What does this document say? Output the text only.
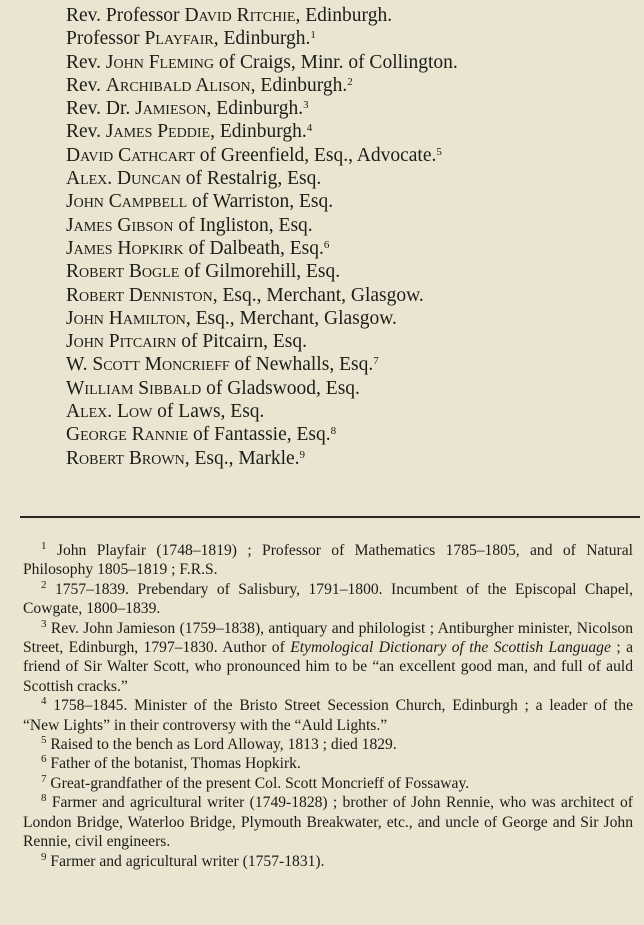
Rev. Professor David Ritchie, Edinburgh.
Professor Playfair, Edinburgh.$^1$
Rev. John Fleming of Craigs, Minr. of Collington.
Rev. Archibald Alison, Edinburgh.$^2$
Rev. Dr. Jamieson, Edinburgh.$^3$
Rev. James Peddie, Edinburgh.$^4$
David Cathcart of Greenfield, Esq., Advocate.$^5$
Alex. Duncan of Restalrig, Esq.
John Campbell of Warriston, Esq.
James Gibson of Ingliston, Esq.
James Hopkirk of Dalbeath, Esq.$^6$
Robert Bogle of Gilmorehill, Esq.
Robert Denniston, Esq., Merchant, Glasgow.
John Hamilton, Esq., Merchant, Glasgow.
John Pitcairn of Pitcairn, Esq.
W. Scott Moncrieff of Newhalls, Esq.$^7$
William Sibbald of Gladswood, Esq.
Alex. Low of Laws, Esq.
George Rannie of Fantassie, Esq.$^8$
Robert Brown, Esq., Markle.$^9$

$^1$ John Playfair (1748–1819) ; Professor of Mathematics 1785–1805, and of Natural Philosophy 1805–1819 ; F.R.S.

$^2$ 1757–1839. Prebendary of Salisbury, 1791–1800. Incumbent of the Episcopal Chapel, Cowgate, 1800–1839.

$^3$ Rev. John Jamieson (1759–1838), antiquary and philologist ; Antiburgher minister, Nicolson Street, Edinburgh, 1797–1830. Author of Etymological Dictionary of the Scottish Language ; a friend of Sir Walter Scott, who pronounced him to be “an excellent good man, and full of auld Scottish cracks.”

$^4$ 1758–1845. Minister of the Bristo Street Secession Church, Edinburgh ; a leader of the “New Lights” in their controversy with the “Auld Lights.”

$^5$ Raised to the bench as Lord Alloway, 1813 ; died 1829.

$^6$ Father of the botanist, Thomas Hopkirk.

$^7$ Great-grandfather of the present Col. Scott Moncrieff of Fossaway.

$^8$ Farmer and agricultural writer (1749-1828) ; brother of John Rennie, who was architect of London Bridge, Waterloo Bridge, Plymouth Breakwater, etc., and uncle of George and Sir John Rennie, civil engineers.

$^9$ Farmer and agricultural writer (1757-1831).
